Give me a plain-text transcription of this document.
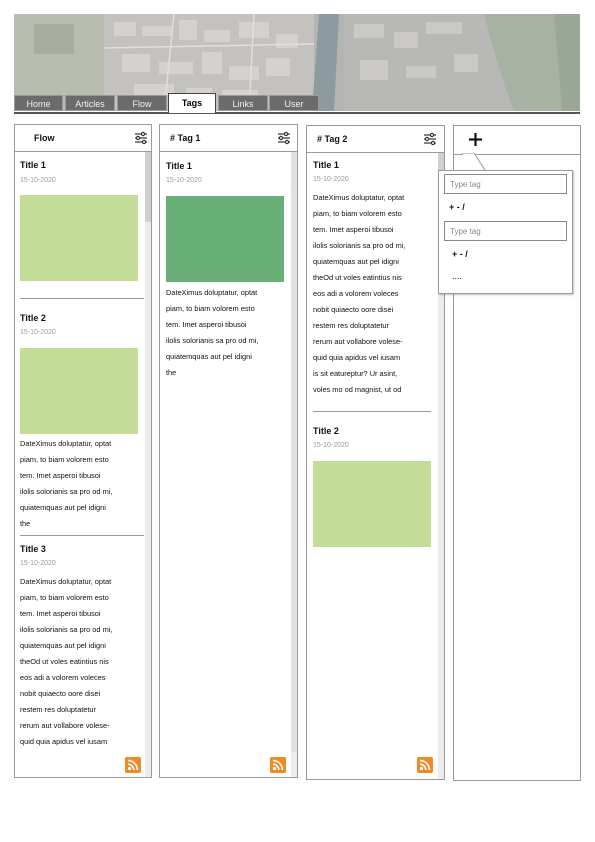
Home	Articles	Flow	Tags	Links	User
Flow
Title 1
15-10-2020
Title 2
15-10-2020
DateXimus doluptatur, optat
piam, to biam volorem esto
tem. Imet asperoi tibusoi
ilolis solorianis sa pro od mi,
quiatemquas aut pel idigni
the
Title 3
15-10-2020
DateXimus doluptatur, optat
piam, to biam volorem esto
tem. Imet asperoi tibusoi
ilolis solorianis sa pro od mi,
quiatemquas aut pel idigni
theOd ut voles eatintius nis
eos adi a volorem voleces
nobit quiaecto oore disei
restem res doluptatetur
rerum aut vollabore volese-
quid quia apidus vel iusam
# Tag 1
Title 1
15-10-2020
DateXimus doluptatur, optat
piam, to biam volorem esto
tem. Imet asperoi tibusoi
ilolis solorianis sa pro od mi,
quiatemquas aut pel idigni
the
# Tag 2
Title 1
15-10-2020
DateXimus doluptatur, optat
piam, to biam volorem esto
tem. Imet asperoi tibusoi
ilolis solorianis sa pro od mi,
quiatemquas aut pel idigni
theOd ut voles eatintius nis
eos adi a volorem voleces
nobit quiaecto oore disei
restem res doluptatetur
rerum aut vollabore volese-
quid quia apidus vel iusam
is sit eatureptur? Ur asint,
voles mo od magnist, ut od
Title 2
15-10-2020
Type tag
+ - /
Type tag
+ - /
....
